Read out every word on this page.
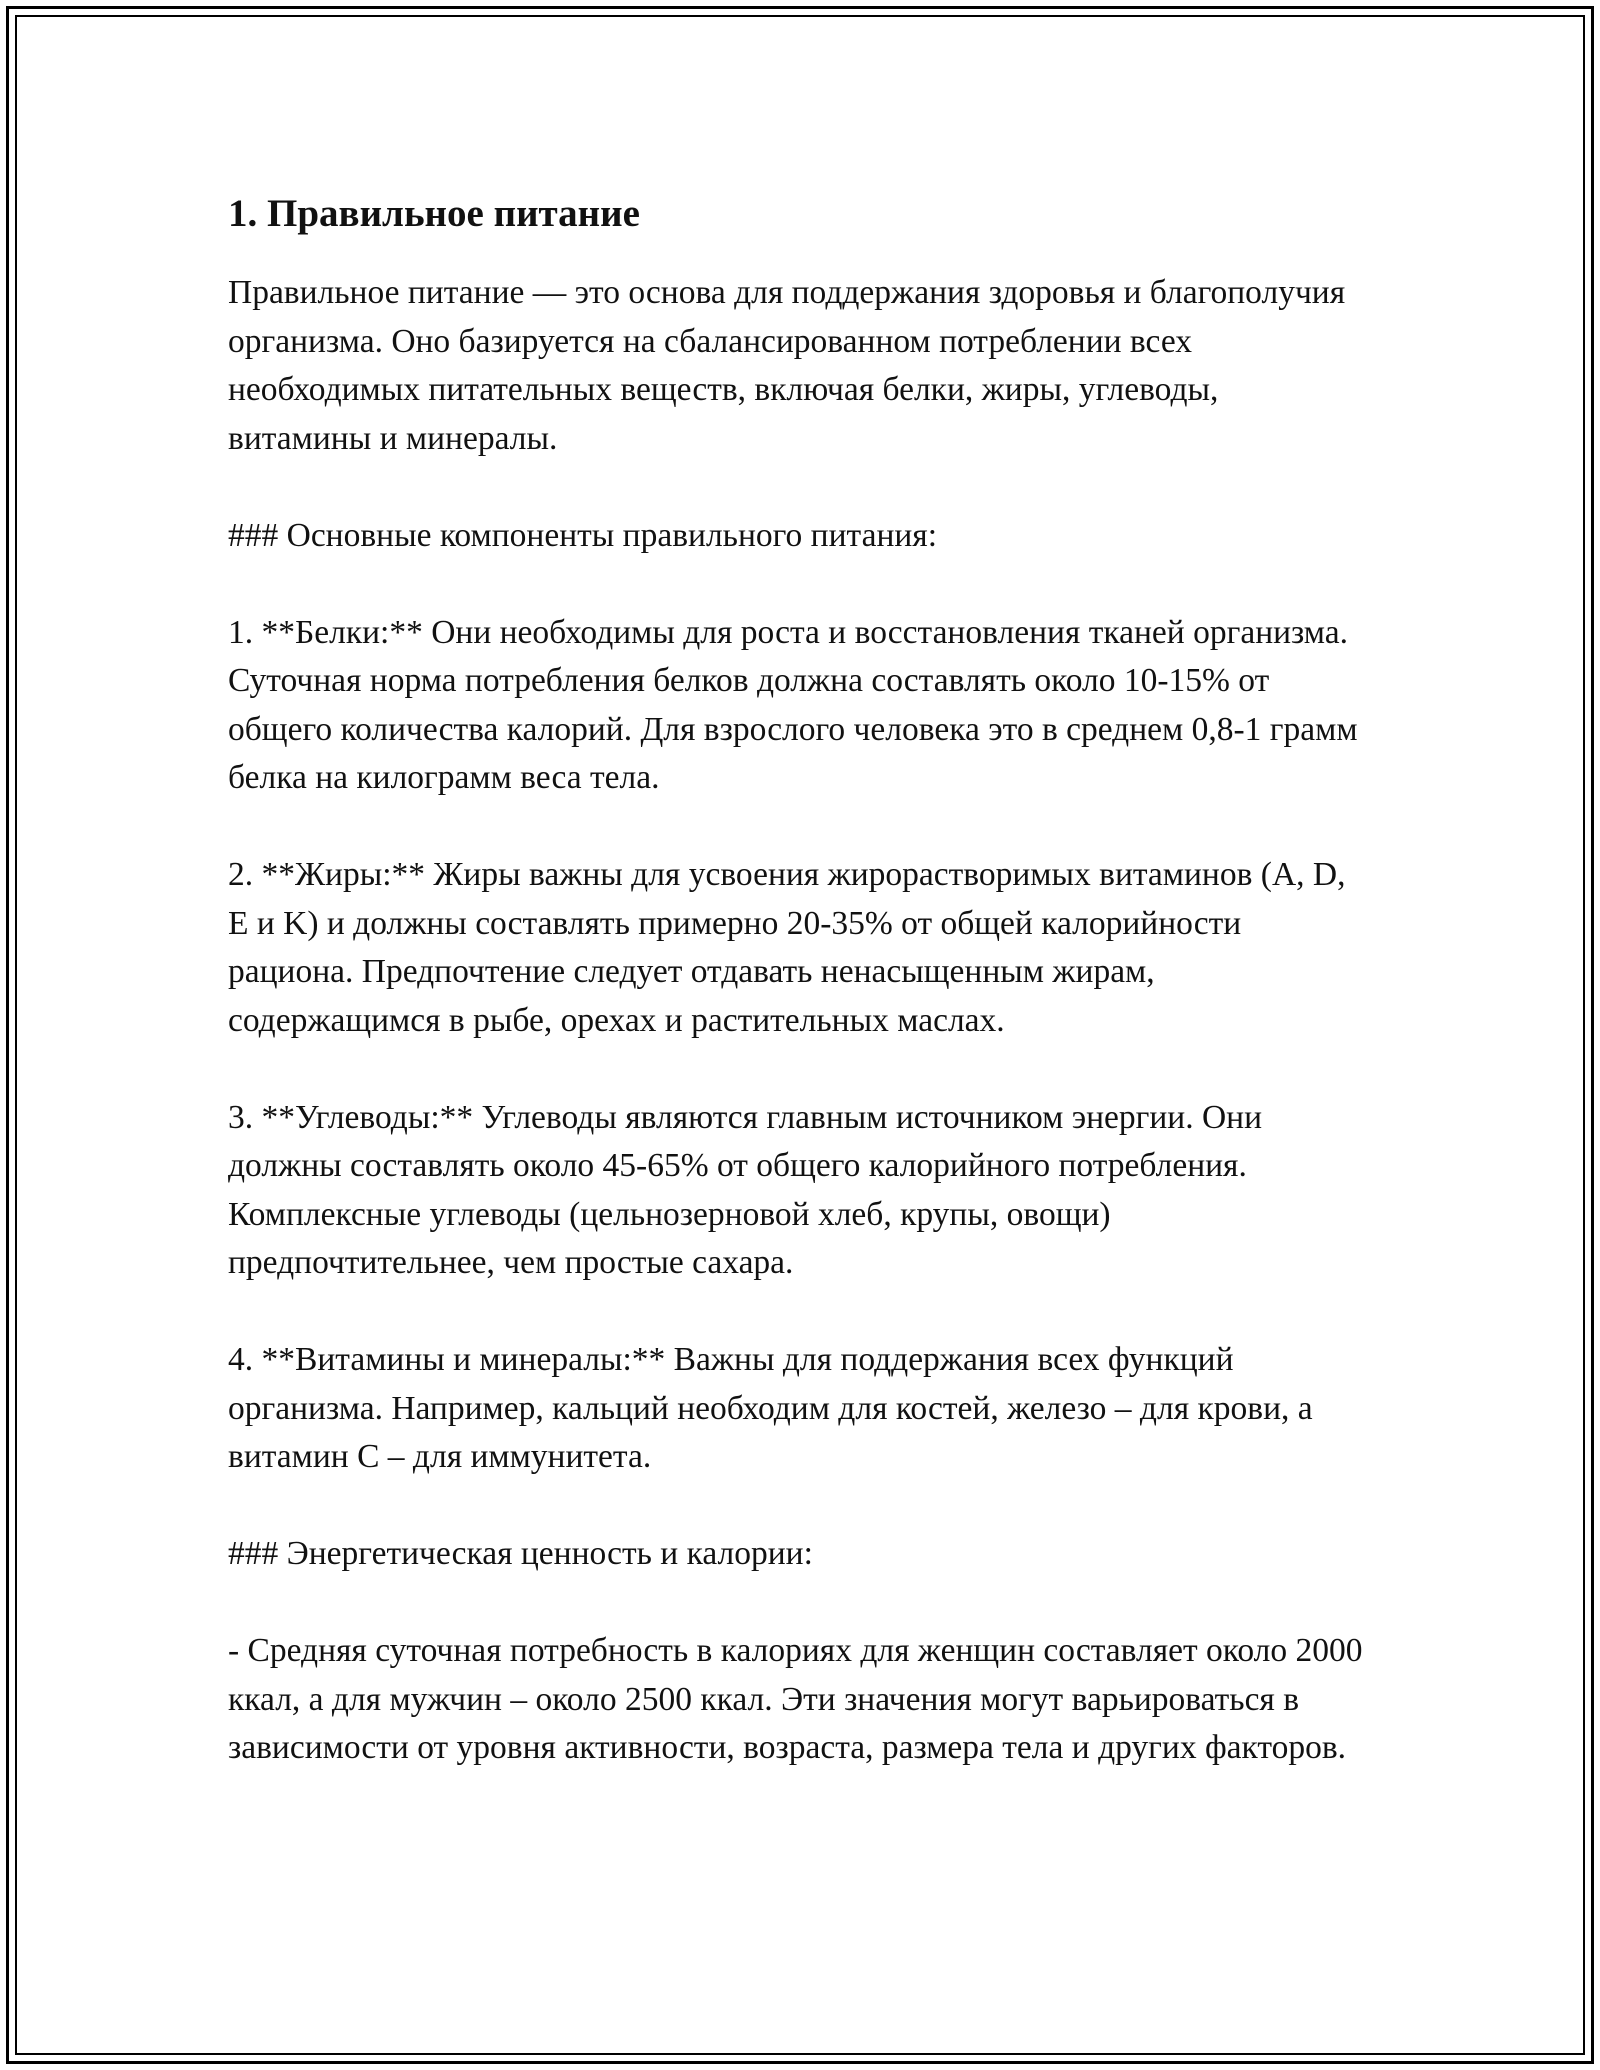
1. Правильное питание

Правильное питание — это основа для поддержания здоровья и благополучия организма. Оно базируется на сбалансированном потреблении всех необходимых питательных веществ, включая белки, жиры, углеводы, витамины и минералы.

### Основные компоненты правильного питания:

1. **Белки:** Они необходимы для роста и восстановления тканей организма. Суточная норма потребления белков должна составлять около 10-15% от общего количества калорий. Для взрослого человека это в среднем 0,8-1 грамм белка на килограмм веса тела.

2. **Жиры:** Жиры важны для усвоения жирорастворимых витаминов (A, D, E и K) и должны составлять примерно 20-35% от общей калорийности рациона. Предпочтение следует отдавать ненасыщенным жирам, содержащимся в рыбе, орехах и растительных маслах.

3. **Углеводы:** Углеводы являются главным источником энергии. Они должны составлять около 45-65% от общего калорийного потребления. Комплексные углеводы (цельнозерновой хлеб, крупы, овощи) предпочтительнее, чем простые сахара.

4. **Витамины и минералы:** Важны для поддержания всех функций организма. Например, кальций необходим для костей, железо – для крови, а витамин C – для иммунитета.

### Энергетическая ценность и калории:

- Средняя суточная потребность в калориях для женщин составляет около 2000 ккал, а для мужчин – около 2500 ккал. Эти значения могут варьироваться в зависимости от уровня активности, возраста, размера тела и других факторов.
